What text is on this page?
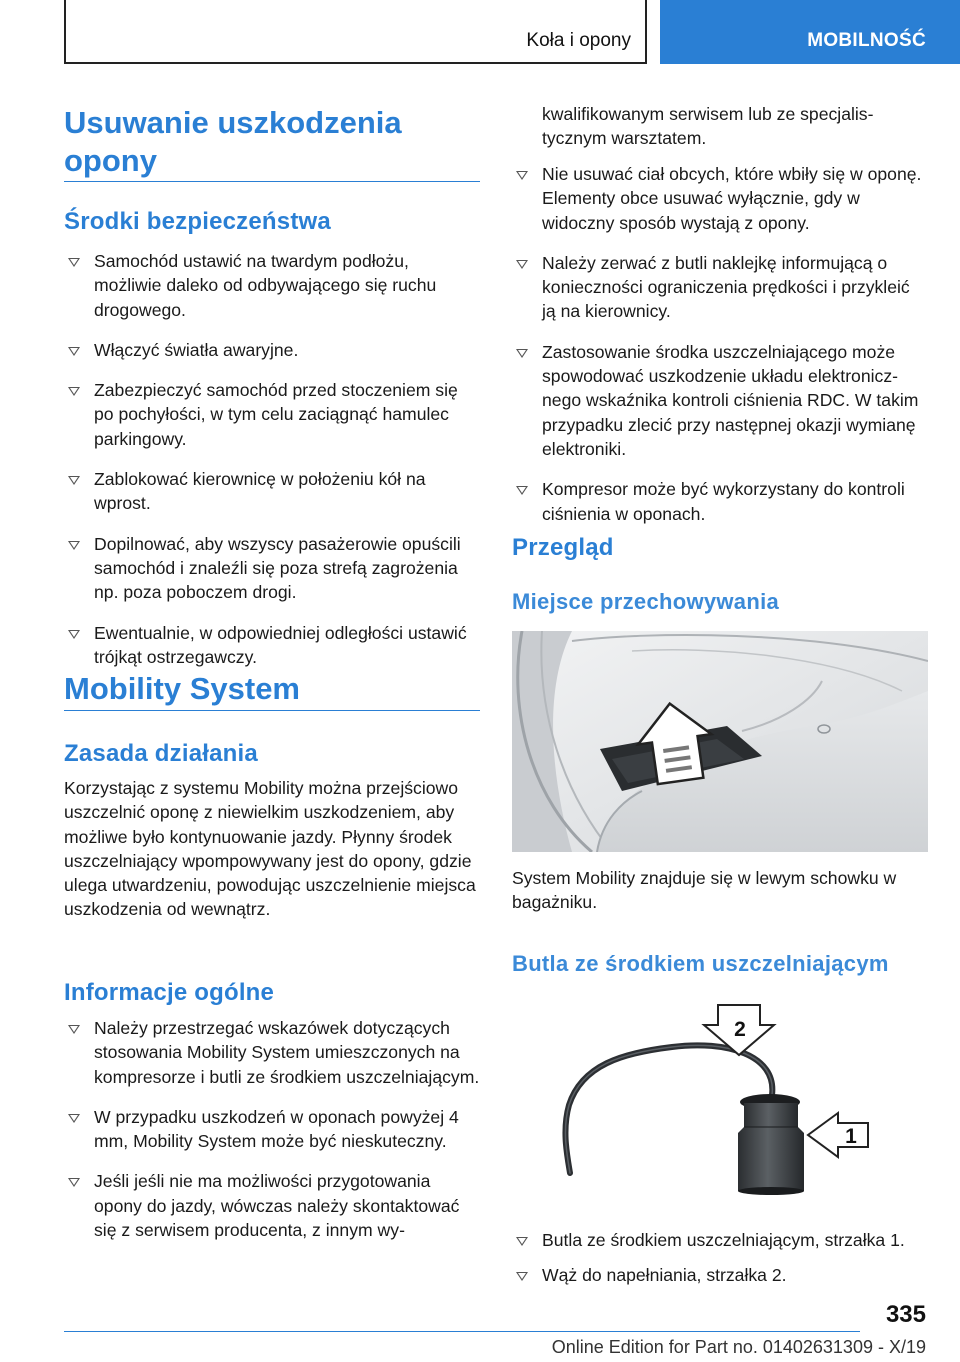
Koła i opony	MOBILNOŚĆ
Usuwanie uszkodzenia
opony
Środki bezpieczeństwa
Samochód ustawić na twardym podłożu, możliwie daleko od odbywającego się ruchu drogowego.
Włączyć światła awaryjne.
Zabezpieczyć samochód przed stoczeniem się po pochyłości, w tym celu zaciągnąć hamulec parkingowy.
Zablokować kierownicę w położeniu kół na wprost.
Dopilnować, aby wszyscy pasażerowie opuścili samochód i znaleźli się poza strefą zagrożenia np. poza poboczem drogi.
Ewentualnie, w odpowiedniej odległości ustawić trójkąt ostrzegawczy.
Mobility System
Zasada działania

Korzystając z systemu Mobility można przejściowo uszczelnić oponę z niewielkim uszkodzeniem, aby możliwe było kontynuowanie jazdy. Płynny środek uszczelniający wpompowywany jest do opony, gdzie ulega utwardzeniu, powodując uszczelnienie miejsca uszkodzenia od wewnątrz.

Informacje ogólne
Należy przestrzegać wskazówek dotyczących stosowania Mobility System umieszczonych na kompresorze i butli ze środkiem uszczelniającym.
W przypadku uszkodzeń w oponach powyżej 4 mm, Mobility System może być nieskuteczny.
Jeśli jeśli nie ma możliwości przygotowania opony do jazdy, wówczas należy skontaktować się z serwisem producenta, z innym wy-

kwalifikowanym serwisem lub ze specjalistycznym warsztatem.

Nie usuwać ciał obcych, które wbiły się w oponę. Elementy obce usuwać wyłącznie, gdy w widoczny sposób wystają z opony.
Należy zerwać z butli naklejkę informującą o konieczności ograniczenia prędkości i przykleić ją na kierownicy.
Zastosowanie środka uszczelniającego może spowodować uszkodzenie układu elektronicznego wskaźnika kontroli ciśnienia RDC. W takim przypadku zlecić przy następnej okazji wymianę elektroniki.
Kompresor może być wykorzystany do kontroli ciśnienia w oponach.
Przegląd
Miejsce przechowywania

System Mobility znajduje się w lewym schowku w bagażniku.

Butla ze środkiem uszczelniającym
2
1
Butla ze środkiem uszczelniającym, strzałka 1.
Wąż do napełniania, strzałka 2.
335
Online Edition for Part no. 01402631309 - X/19
